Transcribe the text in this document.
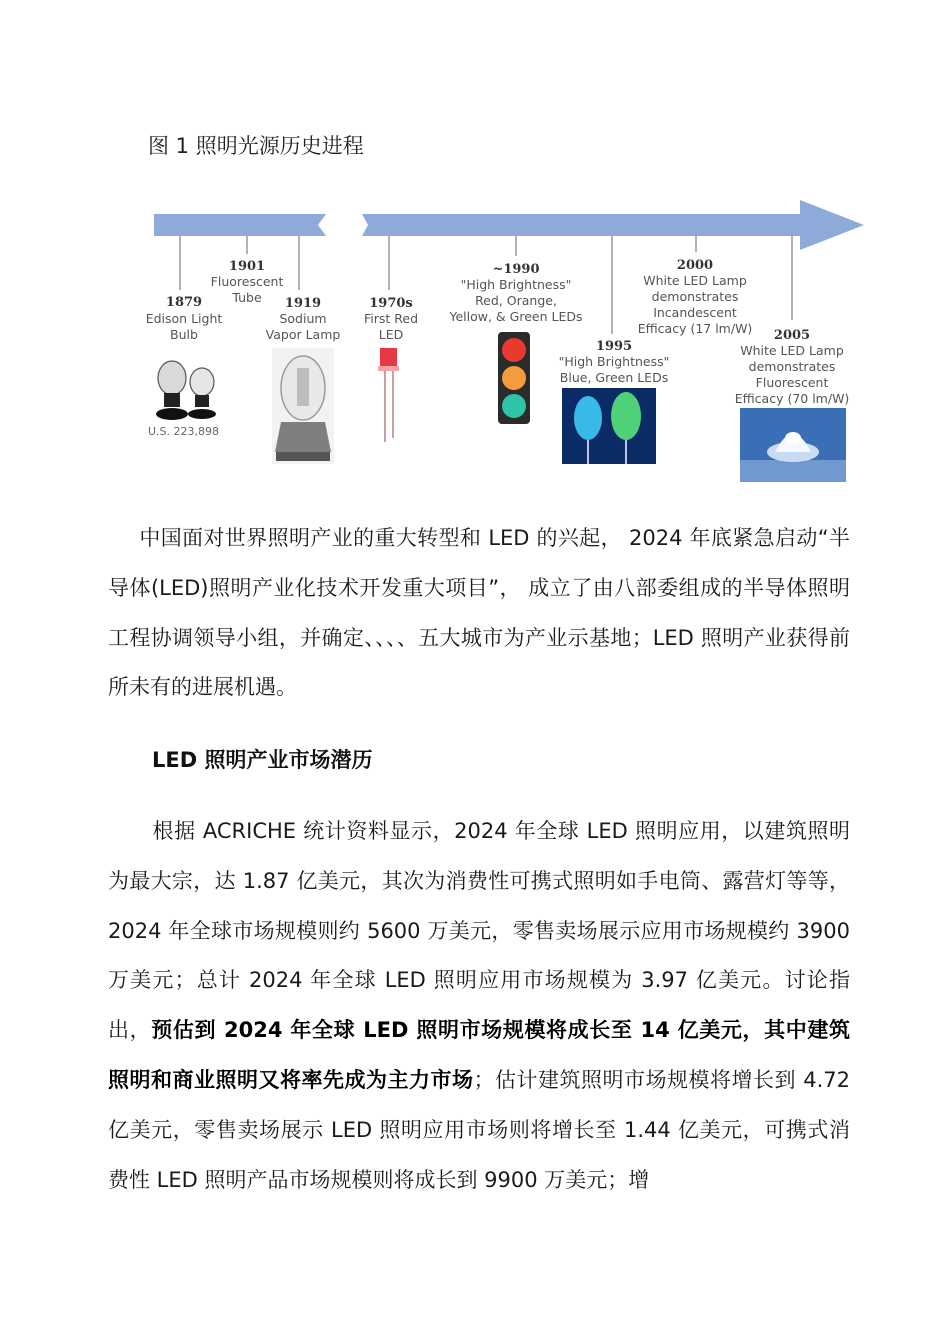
图 1 照明光源历史进程
1879
Edison Light
Bulb
U.S. 223,898
1901
Fluorescent
Tube 1919
Sodium
Vapor Lamp
1970s
First Red
LED
~1990
"High Brightness"
Red, Orange,
Yellow, & Green LEDs
1995
"High Brightness"
Blue, Green LEDs
2000
White LED Lamp
demonstrates
Incandescent
Efficacy (17 lm/W) 2005
White LED Lamp
demonstrates
Fluorescent
Efficacy (70 lm/W)

中国面对世界照明产业的重大转型和 LED 的兴起， 2024 年底紧急启动“半导体(LED)照明产业化技术开发重大项目”， 成立了由八部委组成的半导体照明工程协调领导小组，并确定、、、、五大城市为产业示基地；LED 照明产业获得前所未有的进展机遇。

LED 照明产业市场潜历

根据 ACRICHE 统计资料显示，2024 年全球 LED 照明应用，以建筑照明为最大宗，达 1.87 亿美元，其次为消费性可携式照明如手电筒、露营灯等等，2024 年全球市场规模则约 5600 万美元，零售卖场展示应用市场规模约 3900 万美元；总计 2024 年全球 LED 照明应用市场规模为 3.97 亿美元。讨论指出，预估到 2024 年全球 LED 照明市场规模将成长至 14 亿美元，其中建筑照明和商业照明又将率先成为主力市场；估计建筑照明市场规模将增长到 4.72 亿美元，零售卖场展示 LED 照明应用市场则将增长至 1.44 亿美元，可携式消费性 LED 照明产品市场规模则将成长到 9900 万美元；增
